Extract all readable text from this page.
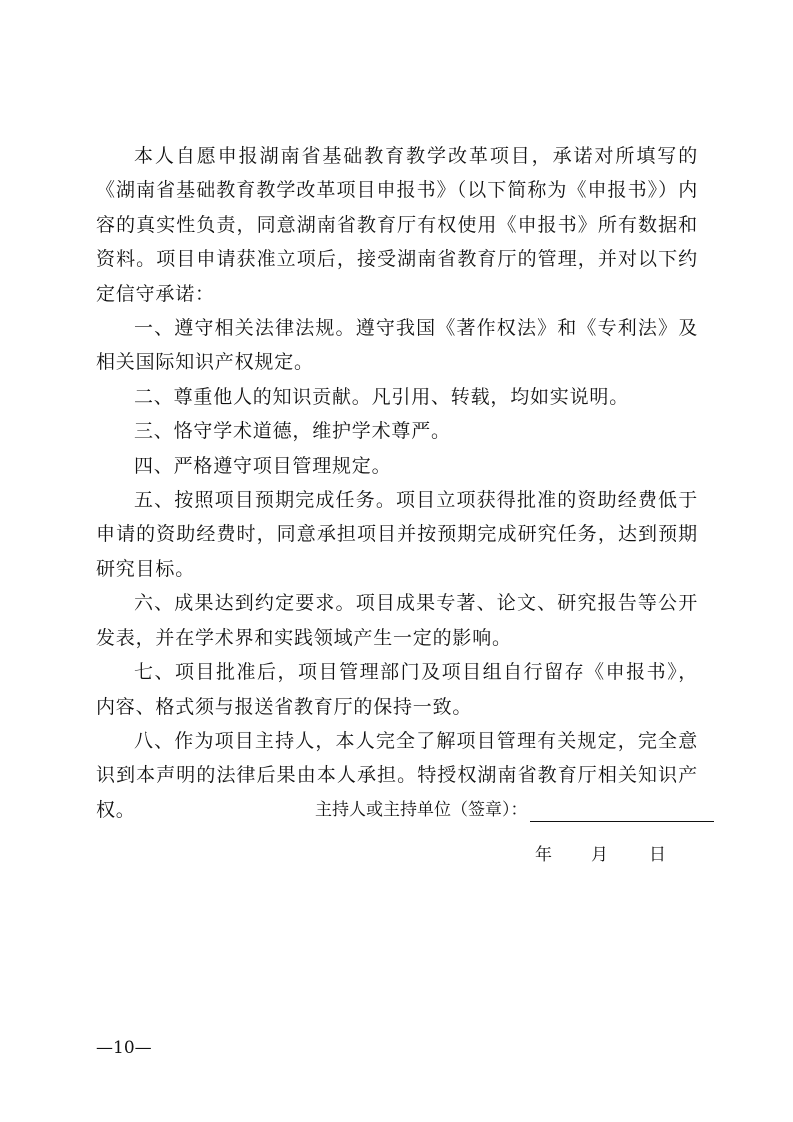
本人自愿申报湖南省基础教育教学改革项目，承诺对所填写的《湖南省基础教育教学改革项目申报书》（以下简称为《申报书》）内容的真实性负责，同意湖南省教育厅有权使用《申报书》所有数据和资料。项目申请获准立项后，接受湖南省教育厅的管理，并对以下约定信守承诺：

一、遵守相关法律法规。遵守我国《著作权法》和《专利法》及相关国际知识产权规定。

二、尊重他人的知识贡献。凡引用、转载，均如实说明。

三、恪守学术道德，维护学术尊严。

四、严格遵守项目管理规定。

五、按照项目预期完成任务。项目立项获得批准的资助经费低于申请的资助经费时，同意承担项目并按预期完成研究任务，达到预期研究目标。

六、成果达到约定要求。项目成果专著、论文、研究报告等公开发表，并在学术界和实践领域产生一定的影响。

七、项目批准后，项目管理部门及项目组自行留存《申报书》，内容、格式须与报送省教育厅的保持一致。

八、作为项目主持人，本人完全了解项目管理有关规定，完全意识到本声明的法律后果由本人承担。特授权湖南省教育厅相关知识产权。	主持人或主持单位（签章）：
年 月 日
—10—
